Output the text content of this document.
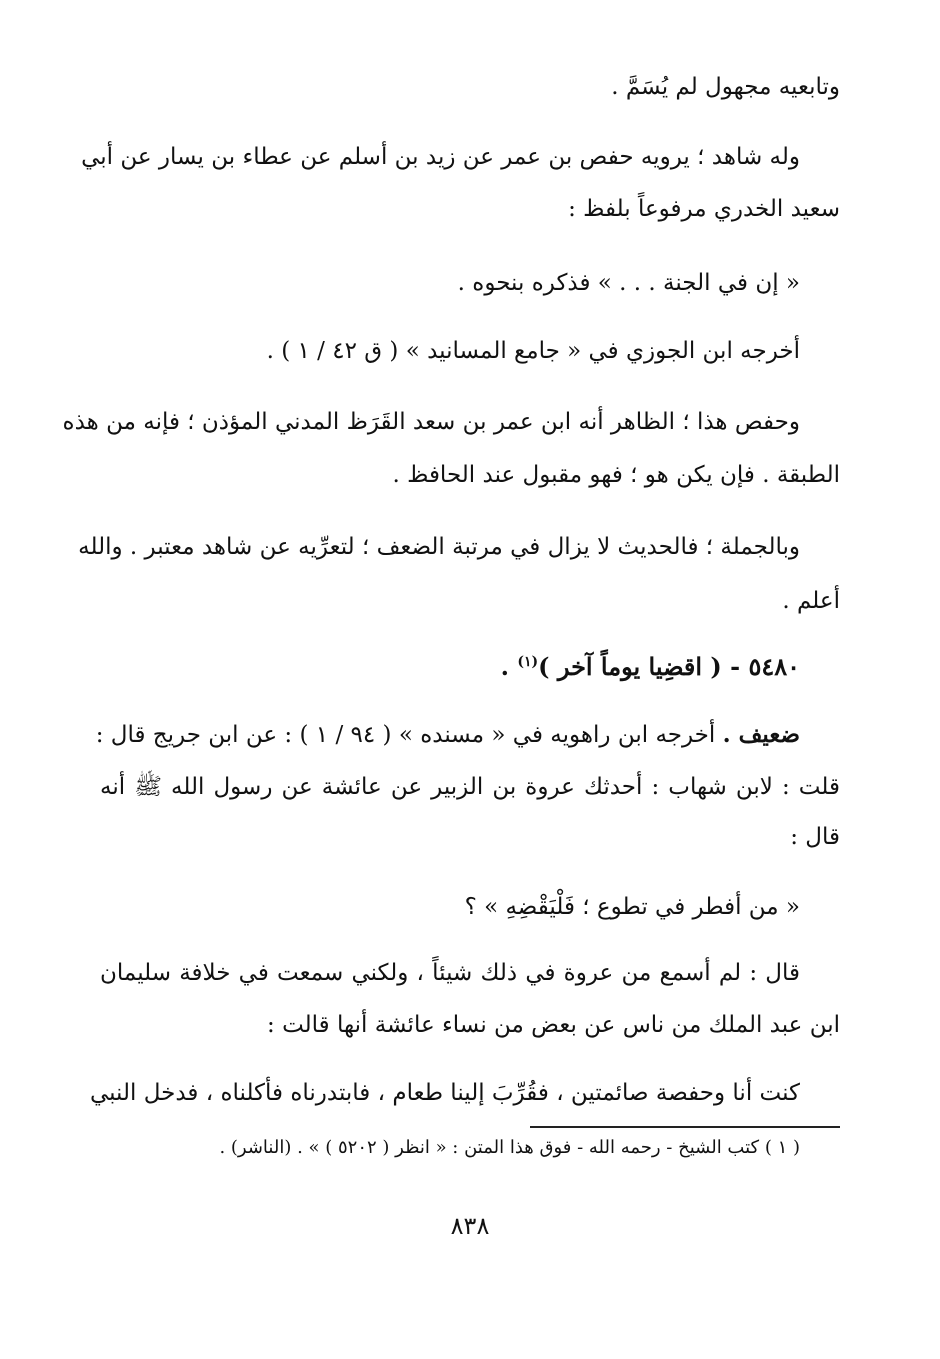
وتابعيه مجهول لم يُسَمَّ .
وله شاهد ؛ يرويه حفص بن عمر عن زيد بن أسلم عن عطاء بن يسار عن أبي
سعيد الخدري مرفوعاً بلفظ :
« إن في الجنة . . . » فذكره بنحوه .
أخرجه ابن الجوزي في « جامع المسانيد » ( ق ٤٢ / ١ ) .
وحفص هذا ؛ الظاهر أنه ابن عمر بن سعد القَرَظ المدني المؤذن ؛ فإنه من هذه
الطبقة . فإن يكن هو ؛ فهو مقبول عند الحافظ .
وبالجملة ؛ فالحديث لا يزال في مرتبة الضعف ؛ لتعرِّيه عن شاهد معتبر . والله
أعلم .
٥٤٨٠ - ( اقضِيا يوماً آخر )$^{(١)}$ .
ضعيف . أخرجه ابن راهويه في « مسنده » ( ٩٤ / ١ ) : عن ابن جريج قال :
قلت : لابن شهاب : أحدثك عروة بن الزبير عن عائشة عن رسول الله ﷺ أنه
قال :
« من أفطر في تطوع ؛ فَلْيَقْضِهِ » ؟
قال : لم أسمع من عروة في ذلك شيئاً ، ولكني سمعت في خلافة سليمان
ابن عبد الملك من ناس عن بعض من نساء عائشة أنها قالت :
كنت أنا وحفصة صائمتين ، فقُرِّبَ إلينا طعام ، فابتدرناه فأكلناه ، فدخل النبي
( ١ ) كتب الشيخ - رحمه الله - فوق هذا المتن : « انظر ( ٥٢٠٢ ) » . (الناشر) .
٨٣٨
